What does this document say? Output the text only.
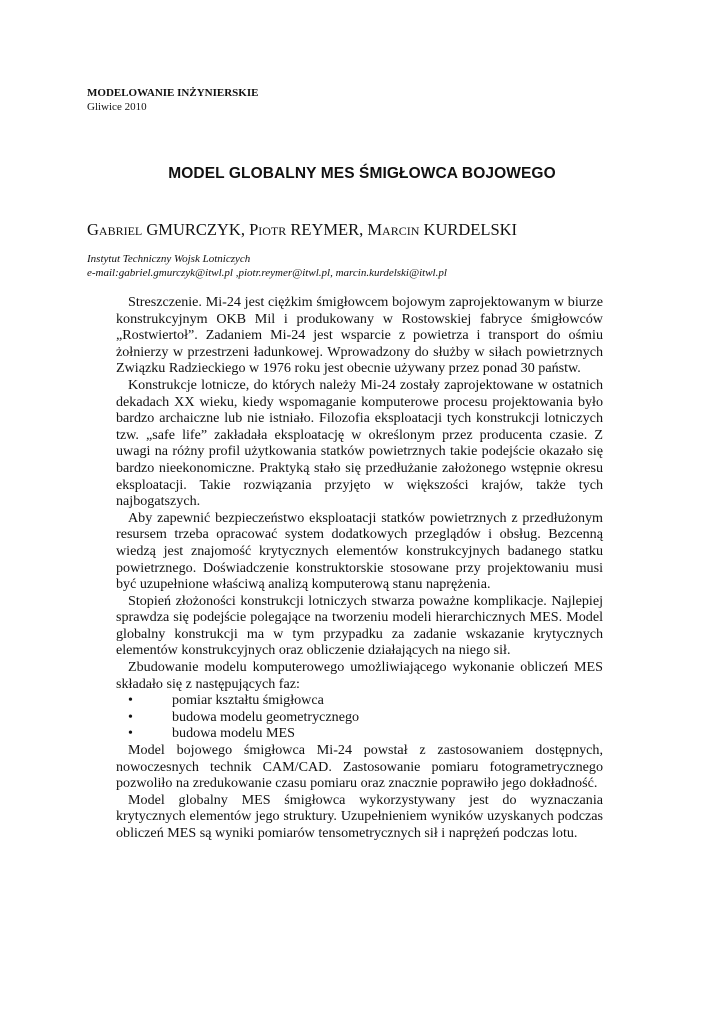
MODELOWANIE INŻYNIERSKIE
Gliwice 2010
MODEL GLOBALNY MES ŚMIGŁOWCA BOJOWEGO
Gabriel GMURCZYK, Piotr REYMER, Marcin KURDELSKI
Instytut Techniczny Wojsk Lotniczych
e-mail:gabriel.gmurczyk@itwl.pl ,piotr.reymer@itwl.pl, marcin.kurdelski@itwl.pl

Streszczenie. Mi-24 jest ciężkim śmigłowcem bojowym zaprojektowanym w biurze konstrukcyjnym OKB Mil i produkowany w Rostowskiej fabryce śmigłowców „Rostwiertoł”. Zadaniem Mi-24 jest wsparcie z powietrza i transport do ośmiu żołnierzy w przestrzeni ładunkowej. Wprowadzony do służby w siłach powietrznych Związku Radzieckiego w 1976 roku jest obecnie używany przez ponad 30 państw.

Konstrukcje lotnicze, do których należy Mi-24 zostały zaprojektowane w ostatnich dekadach XX wieku, kiedy wspomaganie komputerowe procesu projektowania było bardzo archaiczne lub nie istniało. Filozofia eksploatacji tych konstrukcji lotniczych tzw. „safe life” zakładała eksploatację w określonym przez producenta czasie. Z uwagi na różny profil użytkowania statków powietrznych takie podejście okazało się bardzo nieekonomiczne. Praktyką stało się przedłużanie założonego wstępnie okresu eksploatacji. Takie rozwiązania przyjęto w większości krajów, także tych najbogatszych.

Aby zapewnić bezpieczeństwo eksploatacji statków powietrznych z przedłużonym resursem trzeba opracować system dodatkowych przeglądów i obsług. Bezcenną wiedzą jest znajomość krytycznych elementów konstrukcyjnych badanego statku powietrznego. Doświadczenie konstruktorskie stosowane przy projektowaniu musi być uzupełnione właściwą analizą komputerową stanu naprężenia.

Stopień złożoności konstrukcji lotniczych stwarza poważne komplikacje. Najlepiej sprawdza się podejście polegające na tworzeniu modeli hierarchicznych MES. Model globalny konstrukcji ma w tym przypadku za zadanie wskazanie krytycznych elementów konstrukcyjnych oraz obliczenie działających na niego sił.

Zbudowanie modelu komputerowego umożliwiającego wykonanie obliczeń MES składało się z następujących faz:

•	pomiar kształtu śmigłowca
•	budowa modelu geometrycznego
•	budowa modelu MES

Model bojowego śmigłowca Mi-24 powstał z zastosowaniem dostępnych, nowoczesnych technik CAM/CAD. Zastosowanie pomiaru fotogrametrycznego pozwoliło na zredukowanie czasu pomiaru oraz znacznie poprawiło jego dokładność.

Model globalny MES śmigłowca wykorzystywany jest do wyznaczania krytycznych elementów jego struktury. Uzupełnieniem wyników uzyskanych podczas obliczeń MES są wyniki pomiarów tensometrycznych sił i naprężeń podczas lotu.
